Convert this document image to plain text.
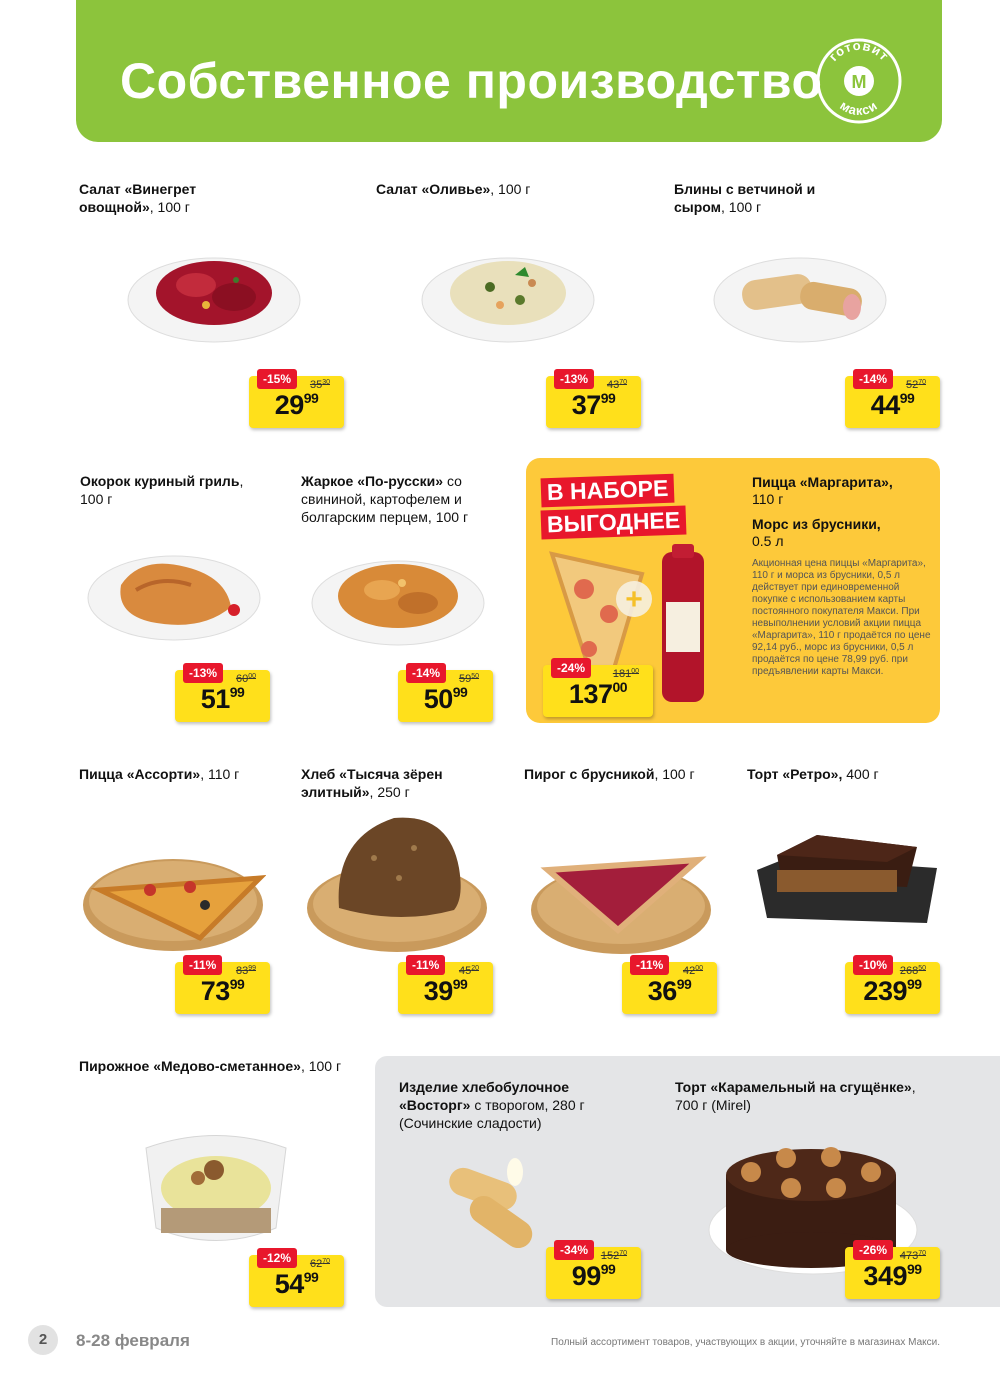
Собственное производство готовит
макси
М
Салат «Винегрет овощной», 100 г
-15%	$35^{30}$
$29^{99}$
Салат «Оливье», 100 г
-13%	$43^{70}$
$37^{99}$
Блины с ветчиной и сыром, 100 г
-14%	$52^{70}$
$44^{99}$
Окорок куриный гриль, 100 г
-13%	$60^{00}$
$51^{99}$
Жаркое «По-русски» со свининой, картофелем и болгарским перцем, 100 г
-14%	$59^{50}$
$50^{99}$
В НАБОРЕ
ВЫГОДНЕЕ
+
-24%	$181^{00}$
$137^{00}$
Пицца «Маргарита»,
110 г
Морс из брусники,
0.5 л
Акционная цена пиццы «Маргарита», 110 г и морса из брусники, 0,5 л действует при единовременной покупке с использованием карты постоянного покупателя Макси. При невыполнении условий акции пицца «Маргарита», 110 г продаётся по цене 92,14 руб., морс из брусники, 0,5 л продаётся по цене 78,99 руб. при предъявлении карты Макси.
Пицца «Ассорти», 110 г
-11%	$83^{99}$
$73^{99}$
Хлеб «Тысяча зёрен элитный», 250 г
-11%	$45^{20}$
$39^{99}$
Пирог с брусникой, 100 г
-11%	$42^{00}$
$36^{99}$
Торт «Ретро», 400 г
-10%	$268^{50}$
$239^{99}$
Пирожное «Медово-сметанное», 100 г
-12%	$62^{70}$
$54^{99}$
Изделие хлебобулочное «Восторг» с творогом, 280 г (Сочинские сладости)
-34%	$152^{70}$
$99^{99}$
Торт «Карамельный на сгущёнке», 700 г (Mirel)
-26%	$473^{70}$
$349^{99}$
2	8-28 февраля	Полный ассортимент товаров, участвующих в акции, уточняйте в магазинах Макси.
